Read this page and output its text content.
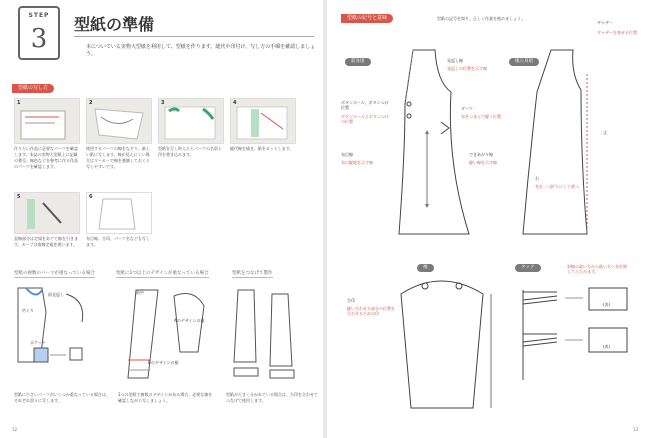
STEP
3	型紙の準備
本についている実物大型紙を利用して、型紙を作ります。縫代や印付け、写し方の手順を確認しましょう。
型紙の写し方
1	2	3	4
作りたい作品に必要なパーツを確認します。本誌の実物大型紙上に記載の番号、線色などを参考に作る作品のパーツを確認します。
使用するパーツの線をなぞり、新しい紙に写します。線が見えにくい場合はマーカーで線を強調しておくと写しやすいです。
型紙を写し終えたらパーツの名前と印を書き込みます。
縫代線を描き、紙をカットします。
5	6
直線部分は定規をあてて線を引きます。カーブは曲線定規を使います。
布目線、合印、パーツ名なども写します。
型紙の複数のパーツが重なっている場合	型紙に1つ以上のデザインが重なっている場合	型紙をつなげて製作
前見返し
衿ぐり
ポケット
前中
Aのデザインの裾
Bのデザインの裾
型紙に小さいパーツがいくつか重なっている場合は、それぞれ別々に写します。
1つの型紙で複数のデザインがある場合、必要な線を確認しながら写しましょう。
型紙が大きく分かれている場合は、合印を合わせてつなげて使用します。
12
型紙の記号と意味	型紙の記号を知り、正しく作業を進めましょう。
前身頃	後ろ身頃
見返し線
見返しの位置を示す線
ボタンホール、ボタンつけ位置
ボタンホールとボタンつけの位置
ダーツ
布をつまんで縫う位置
布目線
布の縦地を示す線
できあがり線
縫い線を示す線
ギャザー
ギャザーを寄せる位置
丈
わ
布を二つ折りにして裁つ
袖
合印
縫い合わせる部分の位置を合わせるための印
タック	斜線の高い方から低い方へ布を倒してたたみます。
(表)
(表)
13
